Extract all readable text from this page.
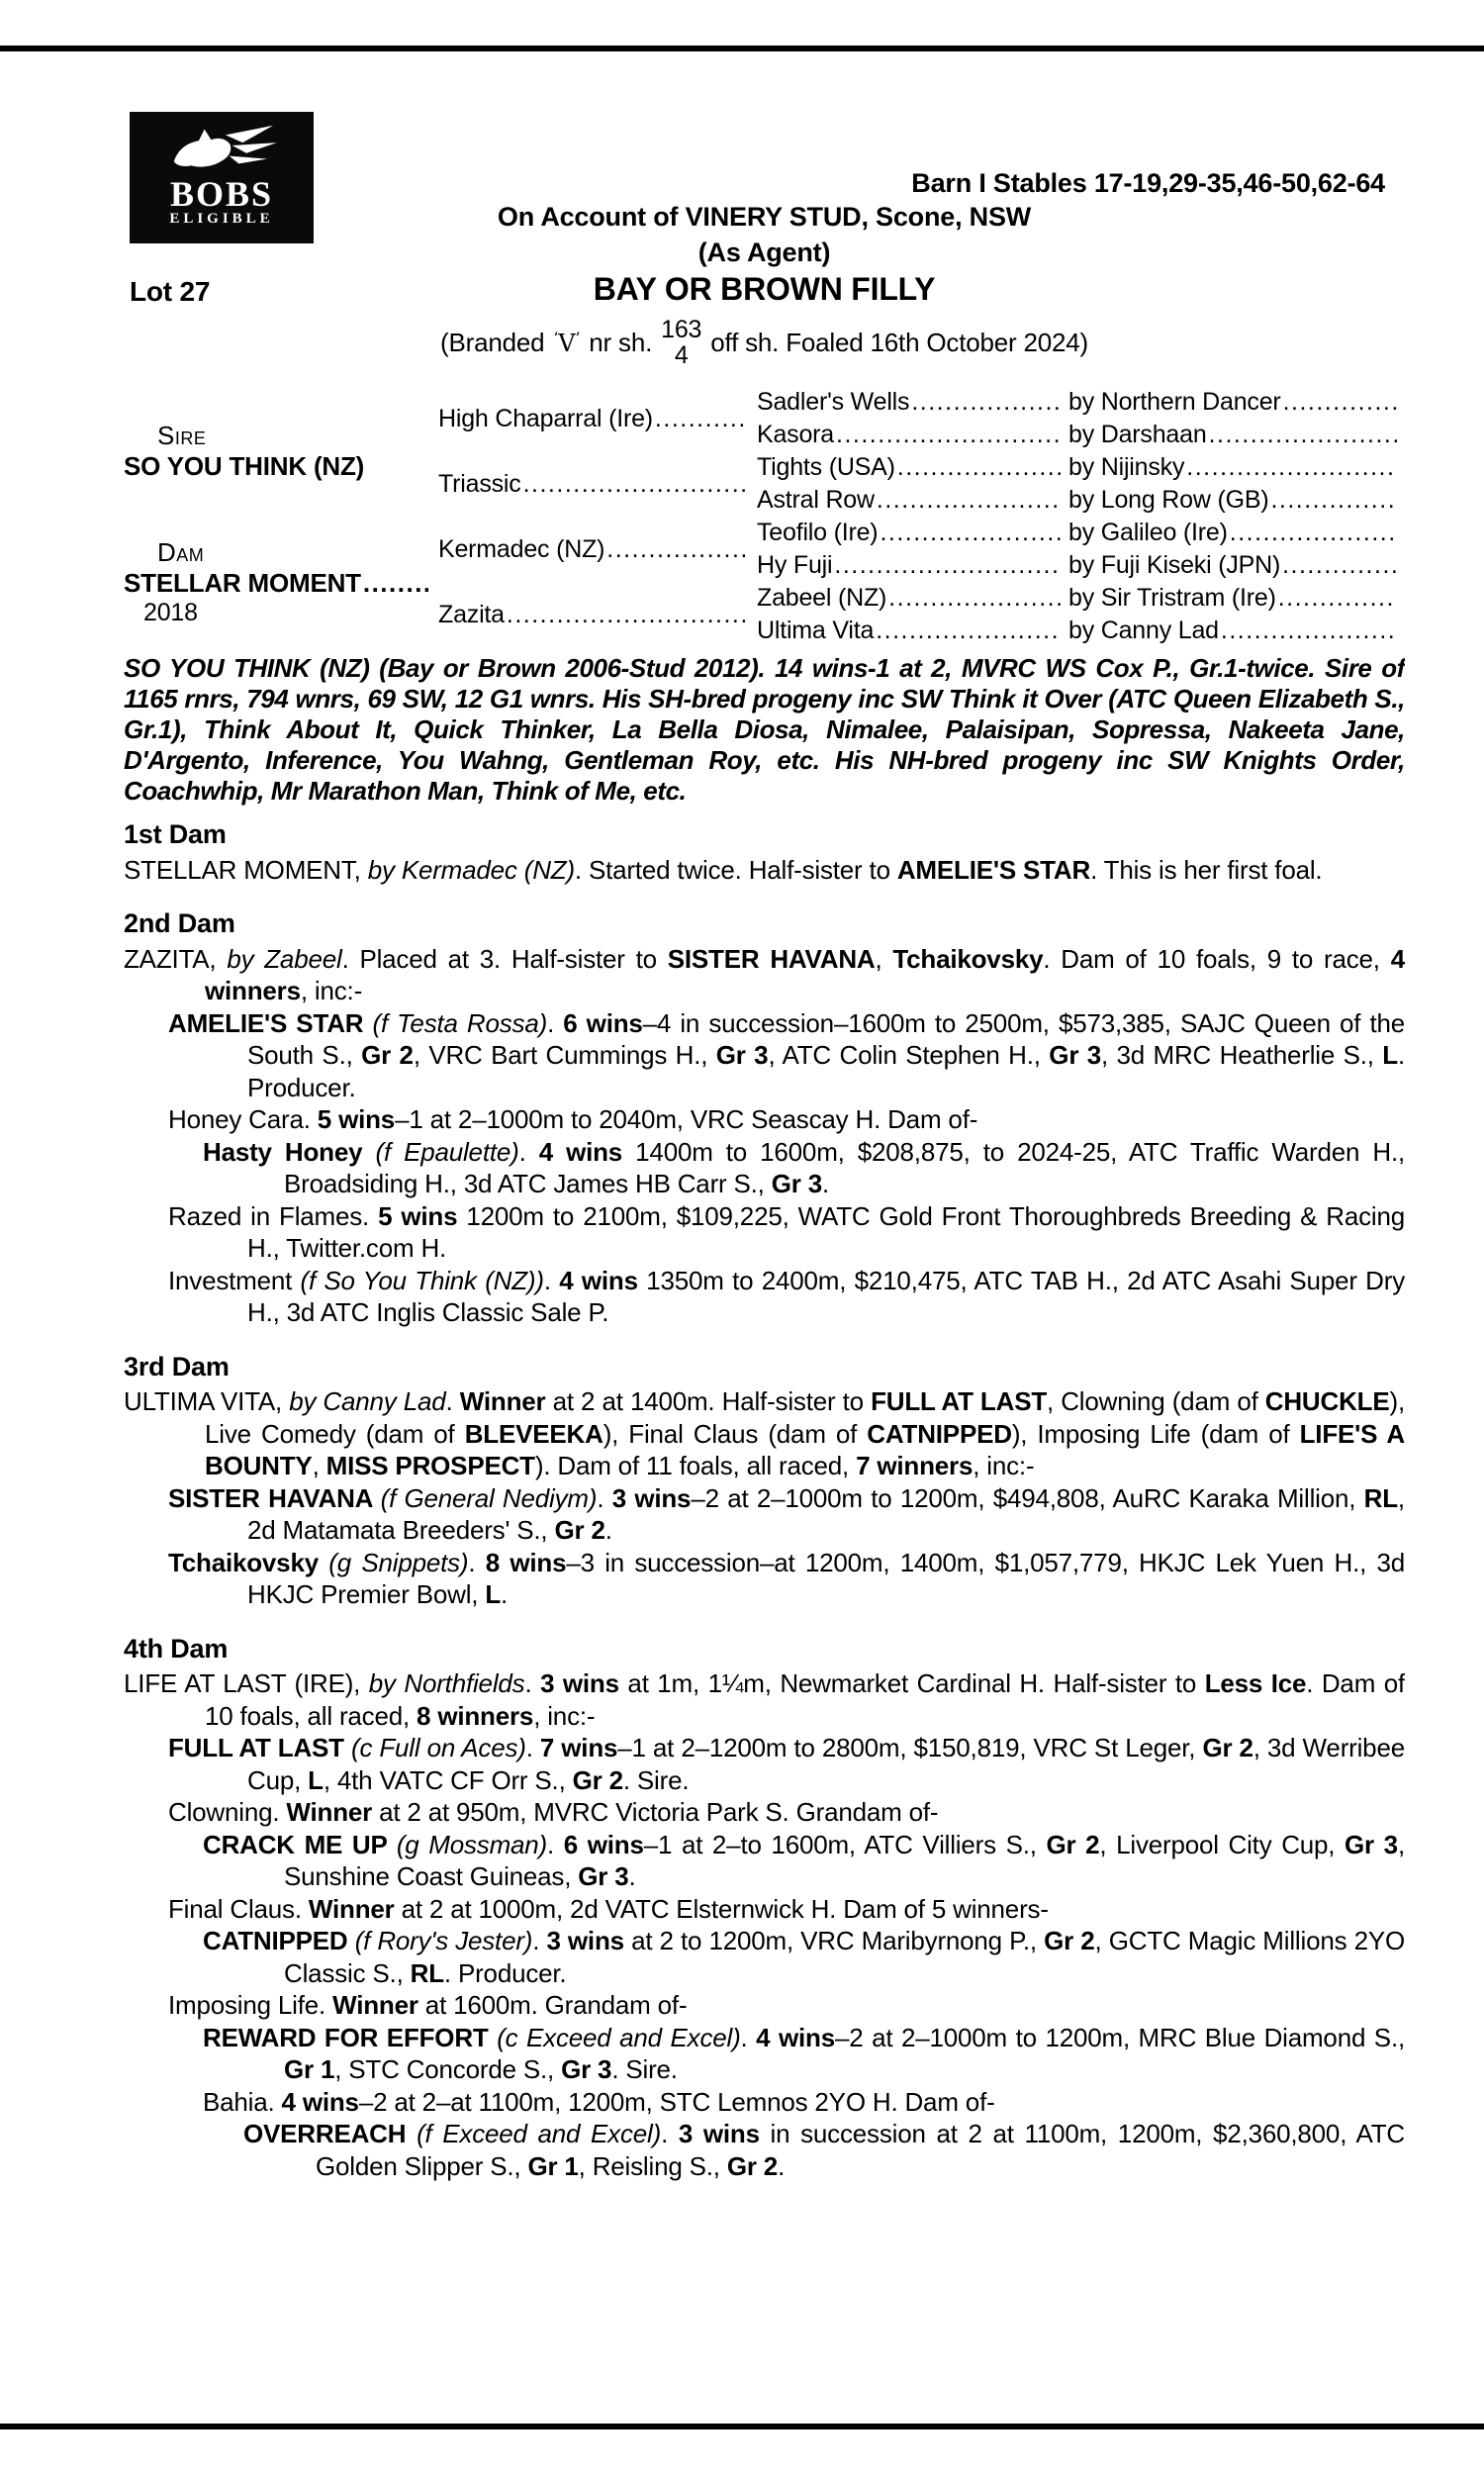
BOBS
ELIGIBLE
Barn I Stables 17-19,29-35,46-50,62-64
On Account of VINERY STUD, Scone, NSW
(As Agent)
Lot 27	BAY OR BROWN FILLY
(Branded ‘ V ’ nr sh. 163
4 off sh. Foaled 16th October 2024)
Sire
SO YOU THINK (NZ)
Dam
STELLAR MOMENT
.....
2018
High Chaparral (Ire)
.....
Triassic
.....
Kermadec (NZ)
.....
Zazita
.....
Sadler's Wells
.....
Kasora
.....
Tights (USA)
.....
Astral Row
.....
Teofilo (Ire)
.....
Hy Fuji
.....
Zabeel (NZ)
.....
Ultima Vita
.....
by Northern Dancer
.....
by Darshaan
.....
by Nijinsky
.....
by Long Row (GB)
.....
by Galileo (Ire)
.....
by Fuji Kiseki (JPN)
.....
by Sir Tristram (Ire)
.....
by Canny Lad
.....

SO YOU THINK (NZ) (Bay or Brown 2006-Stud 2012). 14 wins-1 at 2, MVRC WS Cox P., Gr.1-twice. Sire of 1165 rnrs, 794 wnrs, 69 SW, 12 G1 wnrs. His SH-bred progeny inc SW Think it Over (ATC Queen Elizabeth S., Gr.1), Think About It, Quick Thinker, La Bella Diosa, Nimalee, Palaisipan, Sopressa, Nakeeta Jane, D'Argento, Inference, You Wahng, Gentleman Roy, etc. His NH-bred progeny inc SW Knights Order, Coachwhip, Mr Marathon Man, Think of Me, etc.

1st Dam

STELLAR MOMENT, by Kermadec (NZ). Started twice. Half-sister to AMELIE'S STAR. This is her first foal.

2nd Dam

ZAZITA, by Zabeel. Placed at 3. Half-sister to SISTER HAVANA, Tchaikovsky. Dam of 10 foals, 9 to race, 4 winners, inc:-

AMELIE'S STAR (f Testa Rossa). 6 wins–4 in succession–1600m to 2500m, $573,385, SAJC Queen of the South S., Gr 2, VRC Bart Cummings H., Gr 3, ATC Colin Stephen H., Gr 3, 3d MRC Heatherlie S., L. Producer.

Honey Cara. 5 wins–1 at 2–1000m to 2040m, VRC Seascay H. Dam of-

Hasty Honey (f Epaulette). 4 wins 1400m to 1600m, $208,875, to 2024-25, ATC Traffic Warden H., Broadsiding H., 3d ATC James HB Carr S., Gr 3.

Razed in Flames. 5 wins 1200m to 2100m, $109,225, WATC Gold Front Thoroughbreds Breeding & Racing H., Twitter.com H.

Investment (f So You Think (NZ)). 4 wins 1350m to 2400m, $210,475, ATC TAB H., 2d ATC Asahi Super Dry H., 3d ATC Inglis Classic Sale P.

3rd Dam

ULTIMA VITA, by Canny Lad. Winner at 2 at 1400m. Half-sister to FULL AT LAST, Clowning (dam of CHUCKLE), Live Comedy (dam of BLEVEEKA), Final Claus (dam of CATNIPPED), Imposing Life (dam of LIFE'S A BOUNTY, MISS PROSPECT). Dam of 11 foals, all raced, 7 winners, inc:-

SISTER HAVANA (f General Nediym). 3 wins–2 at 2–1000m to 1200m, $494,808, AuRC Karaka Million, RL, 2d Matamata Breeders' S., Gr 2.

Tchaikovsky (g Snippets). 8 wins–3 in succession–at 1200m, 1400m, $1,057,779, HKJC Lek Yuen H., 3d HKJC Premier Bowl, L.

4th Dam

LIFE AT LAST (IRE), by Northfields. 3 wins at 1m, 1¼m, Newmarket Cardinal H. Half-sister to Less Ice. Dam of 10 foals, all raced, 8 winners, inc:-

FULL AT LAST (c Full on Aces). 7 wins–1 at 2–1200m to 2800m, $150,819, VRC St Leger, Gr 2, 3d Werribee Cup, L, 4th VATC CF Orr S., Gr 2. Sire.

Clowning. Winner at 2 at 950m, MVRC Victoria Park S. Grandam of-

CRACK ME UP (g Mossman). 6 wins–1 at 2–to 1600m, ATC Villiers S., Gr 2, Liverpool City Cup, Gr 3, Sunshine Coast Guineas, Gr 3.

Final Claus. Winner at 2 at 1000m, 2d VATC Elsternwick H. Dam of 5 winners-

CATNIPPED (f Rory's Jester). 3 wins at 2 to 1200m, VRC Maribyrnong P., Gr 2, GCTC Magic Millions 2YO Classic S., RL. Producer.

Imposing Life. Winner at 1600m. Grandam of-

REWARD FOR EFFORT (c Exceed and Excel). 4 wins–2 at 2–1000m to 1200m, MRC Blue Diamond S., Gr 1, STC Concorde S., Gr 3. Sire.

Bahia. 4 wins–2 at 2–at 1100m, 1200m, STC Lemnos 2YO H. Dam of-

OVERREACH (f Exceed and Excel). 3 wins in succession at 2 at 1100m, 1200m, $2,360,800, ATC Golden Slipper S., Gr 1, Reisling S., Gr 2.
